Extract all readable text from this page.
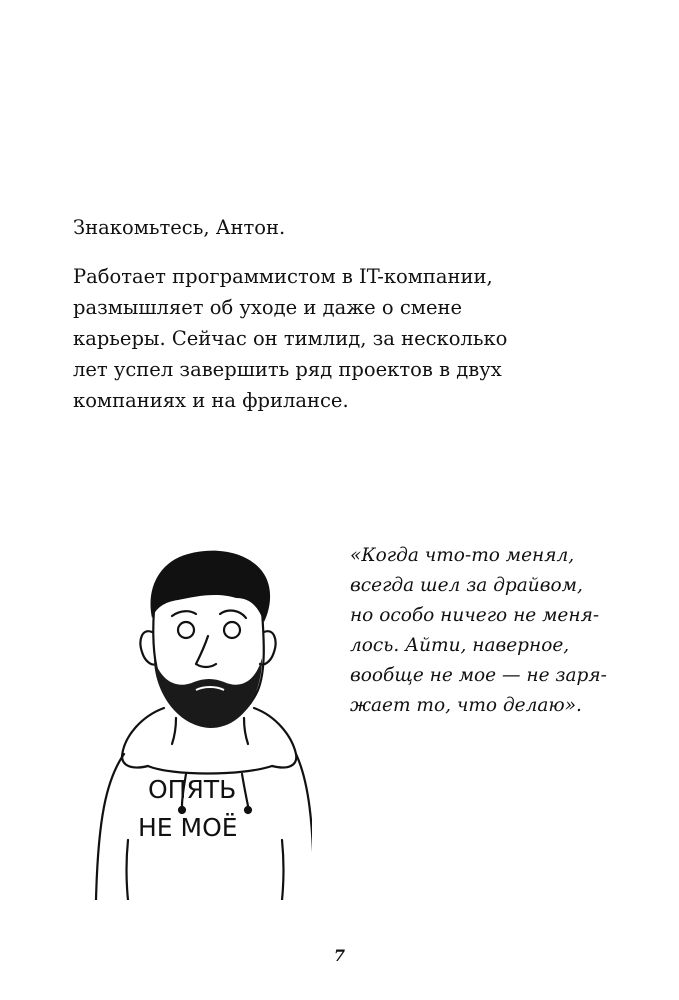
Знакомьтесь, Антон.

Работает программистом в IT-компании,
размышляет об уходе и даже о смене
карьеры. Сейчас он тимлид, за несколько
лет успел завершить ряд проектов в двух
компаниях и на фрилансе.

ОПЯТЬ
НЕ МОЁ
«Когда что-то менял,
всегда шел за драйвом,
но особо ничего не меня-
лось. Айти, наверное,
вообще не мое — не заря-
жает то, что делаю».
7
